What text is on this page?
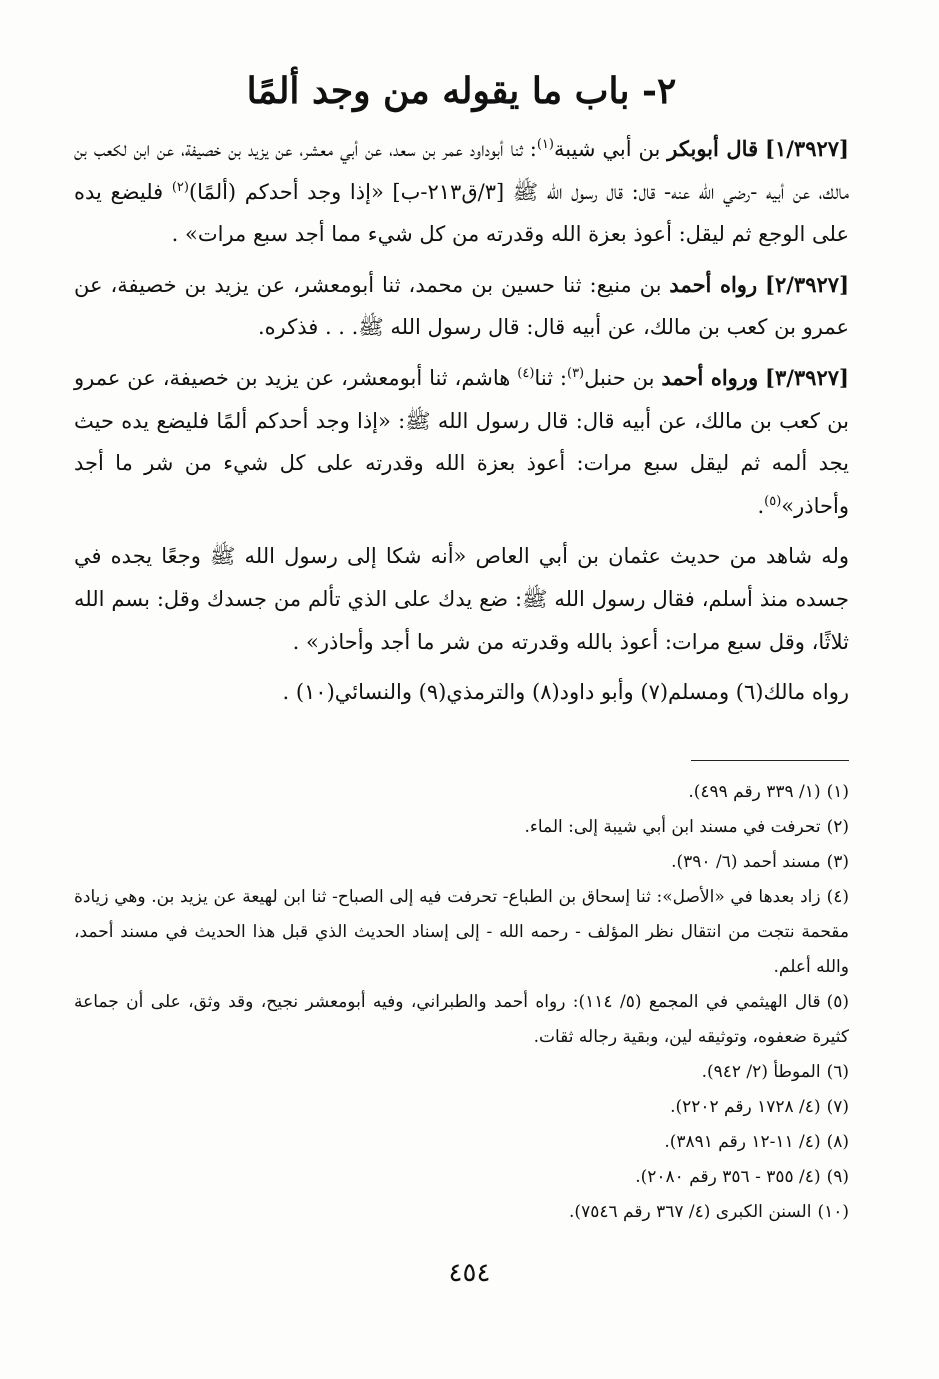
٢- باب ما يقوله من وجد ألمًا

[١/٣٩٢٧] قال أبوبكر بن أبي شيبة$^{(١)}$: ثنا أبوداود عمر بن سعد، عن أبي معشر، عن يزيد بن خصيفة، عن ابن لكعب بن مالك، عن أبيه -رضي الله عنه- قال: قال رسول الله ﷺ [٣/ق٢١٣-ب] «إذا وجد أحدكم (ألمًا)$^{(٢)}$ فليضع يده على الوجع ثم ليقل: أعوذ بعزة الله وقدرته من كل شيء مما أجد سبع مرات» .

[٢/٣٩٢٧] رواه أحمد بن منيع: ثنا حسين بن محمد، ثنا أبومعشر، عن يزيد بن خصيفة، عن عمرو بن كعب بن مالك، عن أبيه قال: قال رسول الله ﷺ. . . فذكره.

[٣/٣٩٢٧] ورواه أحمد بن حنبل$^{(٣)}$: ثنا$^{(٤)}$ هاشم، ثنا أبومعشر، عن يزيد بن خصيفة، عن عمرو بن كعب بن مالك، عن أبيه قال: قال رسول الله ﷺ: «إذا وجد أحدكم ألمًا فليضع يده حيث يجد ألمه ثم ليقل سبع مرات: أعوذ بعزة الله وقدرته على كل شيء من شر ما أجد وأحاذر»$^{(٥)}$.

وله شاهد من حديث عثمان بن أبي العاص «أنه شكا إلى رسول الله ﷺ وجعًا يجده في جسده منذ أسلم، فقال رسول الله ﷺ: ضع يدك على الذي تألم من جسدك وقل: بسم الله ثلاثًا، وقل سبع مرات: أعوذ بالله وقدرته من شر ما أجد وأحاذر» .

رواه مالك(٦) ومسلم(٧) وأبو داود(٨) والترمذي(٩) والنسائي(١٠) .

(١)(١/ ٣٣٩ رقم ٤٩٩).

(٢)تحرفت في مسند ابن أبي شيبة إلى: الماء.

(٣)مسند أحمد (٦/ ٣٩٠).

(٤)زاد بعدها في «الأصل»: ثنا إسحاق بن الطباع- تحرفت فيه إلى الصباح- ثنا ابن لهيعة عن يزيد بن. وهي زيادة مقحمة نتجت من انتقال نظر المؤلف - رحمه الله - إلى إسناد الحديث الذي قبل هذا الحديث في مسند أحمد، والله أعلم.

(٥)قال الهيثمي في المجمع (٥/ ١١٤): رواه أحمد والطبراني، وفيه أبومعشر نجيح، وقد وثق، على أن جماعة كثيرة ضعفوه، وتوثيقه لين، وبقية رجاله ثقات.

(٦)الموطأ (٢/ ٩٤٢).

(٧)(٤/ ١٧٢٨ رقم ٢٢٠٢).

(٨)(٤/ ١١-١٢ رقم ٣٨٩١).

(٩)(٤/ ٣٥٥ - ٣٥٦ رقم ٢٠٨٠).

(١٠)السنن الكبرى (٤/ ٣٦٧ رقم ٧٥٤٦).

٤٥٤
